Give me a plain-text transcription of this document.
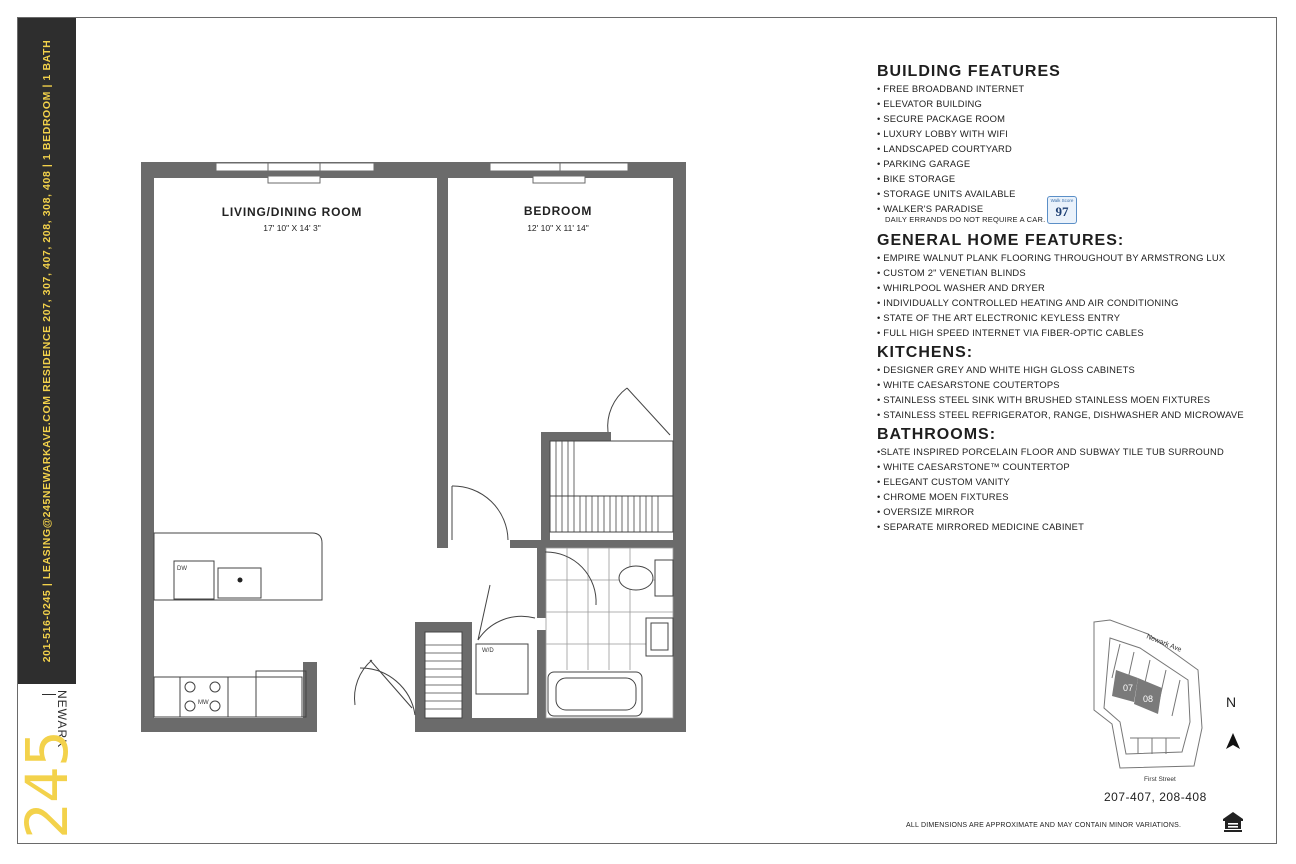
201-516-0245 | LEASING@245NEWARKAVE.COM RESIDENCE 207, 307, 407, 208, 308, 408 | 1 BEDROOM | 1 BATH
NEWARK
245
DW
MW
W/D
LIVING/DINING ROOM
17' 10" X 14' 3"
BEDROOM
12' 10" X 11' 14"
BUILDING FEATURES
• FREE BROADBAND INTERNET
• ELEVATOR BUILDING
• SECURE PACKAGE ROOM
• LUXURY LOBBY WITH WIFI
• LANDSCAPED COURTYARD
• PARKING GARAGE
• BIKE STORAGE
• STORAGE UNITS AVAILABLE
• WALKER'S PARADISE
DAILY ERRANDS DO NOT REQUIRE A CAR.
Walk Score
97
GENERAL HOME FEATURES:
• EMPIRE WALNUT PLANK FLOORING THROUGHOUT BY ARMSTRONG LUX
• CUSTOM 2" VENETIAN BLINDS
• WHIRLPOOL WASHER AND DRYER
• INDIVIDUALLY CONTROLLED HEATING AND AIR CONDITIONING
• STATE OF THE ART ELECTRONIC KEYLESS ENTRY
• FULL HIGH SPEED INTERNET VIA FIBER-OPTIC CABLES
KITCHENS:
• DESIGNER GREY AND WHITE HIGH GLOSS CABINETS
• WHITE CAESARSTONE COUTERTOPS
• STAINLESS STEEL SINK WITH BRUSHED STAINLESS MOEN FIXTURES
• STAINLESS STEEL REFRIGERATOR, RANGE, DISHWASHER AND MICROWAVE
BATHROOMS:
•SLATE INSPIRED PORCELAIN FLOOR AND SUBWAY TILE TUB SURROUND
• WHITE CAESARSTONE™ COUNTERTOP
• ELEGANT CUSTOM VANITY
• CHROME MOEN FIXTURES
• OVERSIZE MIRROR
• SEPARATE MIRRORED MEDICINE CABINET
Newark Ave
07
08
First Street
N
207-407, 208-408
ALL DIMENSIONS ARE APPROXIMATE AND MAY CONTAIN MINOR VARIATIONS.
